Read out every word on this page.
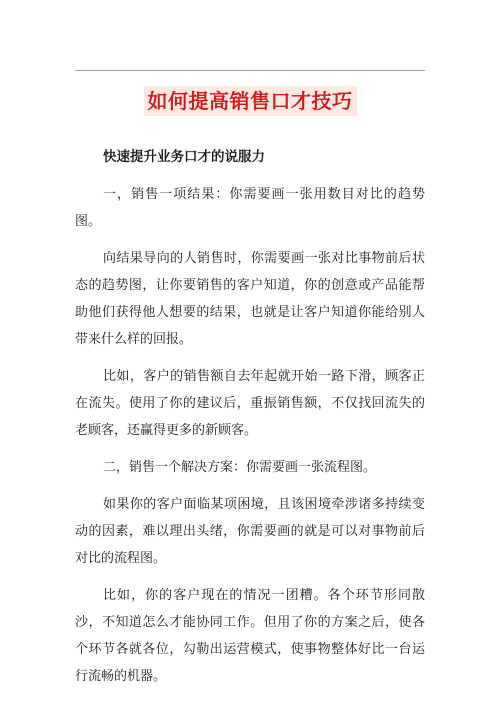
如何提高销售口才技巧

快速提升业务口才的说服力

一，销售一项结果：你需要画一张用数目对比的趋势图。

向结果导向的人销售时，你需要画一张对比事物前后状态的趋势图，让你要销售的客户知道，你的创意或产品能帮助他们获得他人想要的结果，也就是让客户知道你能给别人带来什么样的回报。

比如，客户的销售额自去年起就开始一路下滑，顾客正在流失。使用了你的建议后，重振销售额，不仅找回流失的老顾客，还赢得更多的新顾客。

二，销售一个解决方案：你需要画一张流程图。

如果你的客户面临某项困境，且该困境牵涉诸多持续变动的因素，难以理出头绪，你需要画的就是可以对事物前后对比的流程图。

比如，你的客户现在的情况一团糟。各个环节形同散沙，不知道怎么才能协同工作。但用了你的方案之后，使各个环节各就各位，勾勒出运营模式，使事物整体好比一台运行流畅的机器。
